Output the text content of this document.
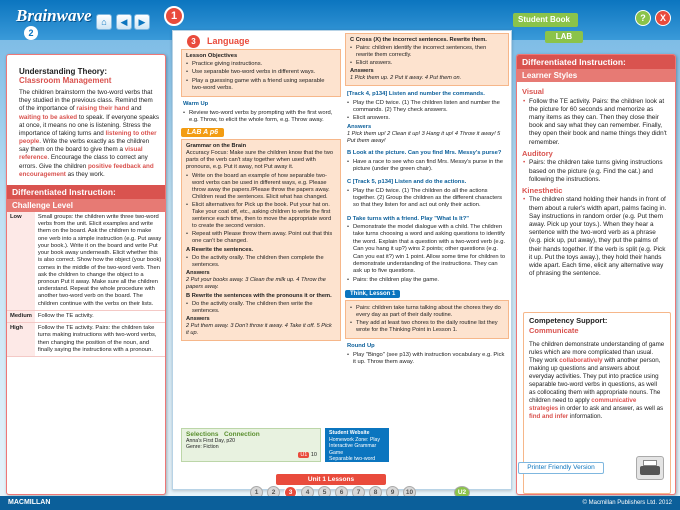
Brainwave
2
⌂	◀	▶	1	Student Book
LAB
?	X
Understanding Theory:
Classroom Management
The children brainstorm the two-word verbs that they studied in the previous class. Remind them of the importance of raising their hand and waiting to be asked to speak. If everyone speaks at once, it means no one is listening. Stress the importance of taking turns and listening to other people. Write the verbs exactly as the children say them on the board to give them a visual reference. Encourage the class to correct any errors. Give the children positive feedback and encouragement as they work.
Differentiated Instruction:
Challenge Level
Low	Small groups: the children write three two-word verbs from the unit. Elicit examples and write them on the board. Ask the children to make one verb into a simple instruction (e.g. Put away your book.). Write it on the board and write Put your book away underneath. Elicit whether this is also correct. Show how the object (your book) comes in the middle of the two-word verb. Then ask the children to change the object to a pronoun Put it away. Make sure all the children understand. Repeat the whole procedure with another two-word verb on the board. The children continue with the verbs on their lists.
Medium	Follow the TE activity.
High	Follow the TE activity. Pairs: the children take turns making instructions with two-word verbs, then changing the position of the noun, and finally saying the instructions with a pronoun.
3	Language
Lesson Objectives
• Practice giving instructions.
• Use separable two-word verbs in different ways.
• Play a guessing game with a friend using separable two-word verbs.
Warm Up
• Review two-word verbs by prompting with the first word, e.g. Throw, to elicit the whole form, e.g. Throw away.
LAB A p6
Grammar on the Brain
Accuracy Focus: Make sure the children know that the two parts of the verb can't stay together when used with pronouns, e.g. Put it away, not Put away it.
• Write on the board an example of how separable two-word verbs can be used in different ways, e.g. Please throw away the papers./Please throw the papers away. Children read the sentences. Elicit what has changed.
• Elicit alternatives for Pick up the book. Put your hat on. Take your coat off, etc., asking children to write the first sentence each time, then to move the appropriate word to create the second version.
• Repeat with Please throw them away. Point out that this one can't be changed.
A Rewrite the sentences.
• Do the activity orally. The children then complete the sentences.
Answers
2 Put your books away. 3 Clean the milk up. 4 Throw the papers away.
B Rewrite the sentences with the pronouns it or them.
• Do the activity orally. The children then write the sentences.
Answers
2 Put them away. 3 Don't throw it away. 4 Take it off. 5 Pick it up.
Selections Connection
Anna's First Day, p20
Genre: Fiction
U1 10
Student Website
Homework Zone: Play
Interactive Grammar Game
Separable two-word verbs
C Cross (X) the incorrect sentences. Rewrite them.
• Pairs: children identify the incorrect sentences, then rewrite them correctly.
• Elicit answers.
Answers
1 Pick them up. 2 Put it away. 4 Put them on.
[Track 4, p134] Listen and number the commands.
• Play the CD twice. (1) The children listen and number the commands. (2) They check answers.
• Elicit answers.
Answers
1 Pick them up! 2 Clean it up! 3 Hang it up! 4 Throw it away! 5 Put them away!
B Look at the picture. Can you find Mrs. Messy's purse?
• Have a race to see who can find Mrs. Messy's purse in the picture (under the green chair).
C [Track 5, p134] Listen and do the actions.
• Play the CD twice. (1) The children do all the actions together. (2) Group the children as the different characters so that they listen for and act out only their action.
D Take turns with a friend. Play "What Is It?"
• Demonstrate the model dialogue with a child. The children take turns choosing a word and asking questions to identify the word. Explain that a question with a two-word verb (e.g. Can you hang it up?) wins 2 points; other questions (e.g. Can you eat it?) win 1 point. Allow some time for children to demonstrate understanding of the instructions. They can ask up to five questions.
• Pairs: the children play the game.
Think, Lesson 1
• Pairs: children take turns talking about the chores they do every day as part of their daily routine.
• They add at least two chores to the daily routine list they wrote for the Thinking Point in Lesson 1.
Round Up
• Play "Bingo" (see p13) with instruction vocabulary e.g. Pick it up. Throw them away.
Differentiated Instruction:
Learner Styles
Visual
• Follow the TE activity. Pairs: the children look at the picture for 60 seconds and memorize as many items as they can. Then they close their book and say what they can remember. Finally, they open their book and name things they didn't remember.
Auditory
• Pairs: the children take turns giving instructions based on the picture (e.g. Find the cat.) and following the instructions.
Kinesthetic
• The children stand holding their hands in front of them about a ruler's width apart, palms facing in. Say instructions in random order (e.g. Put them away. Pick up your toys.). When they hear a sentence with the two-word verb as a phrase (e.g. pick up, put away), they put the palms of their hands together. If the verb is split (e.g. Pick it up. Put the toys away.), they hold their hands wide apart. Each time, elicit any alternative way of phrasing the sentence.
Competency Support:
Communicate
The children demonstrate understanding of game rules which are more complicated than usual. They work collaboratively with another person, making up questions and answers about everyday activities. They put into practice using separable two-word verbs in questions, as well as collocating them with appropriate nouns. The children need to apply communicative strategies in order to ask and answer, as well as find and infer information.
Unit 1 Lessons
1	2	3	4	5	6	7	8	9	10	U2
Printer Friendly Version
MACMILLAN	© Macmillan Publishers Ltd. 2012
